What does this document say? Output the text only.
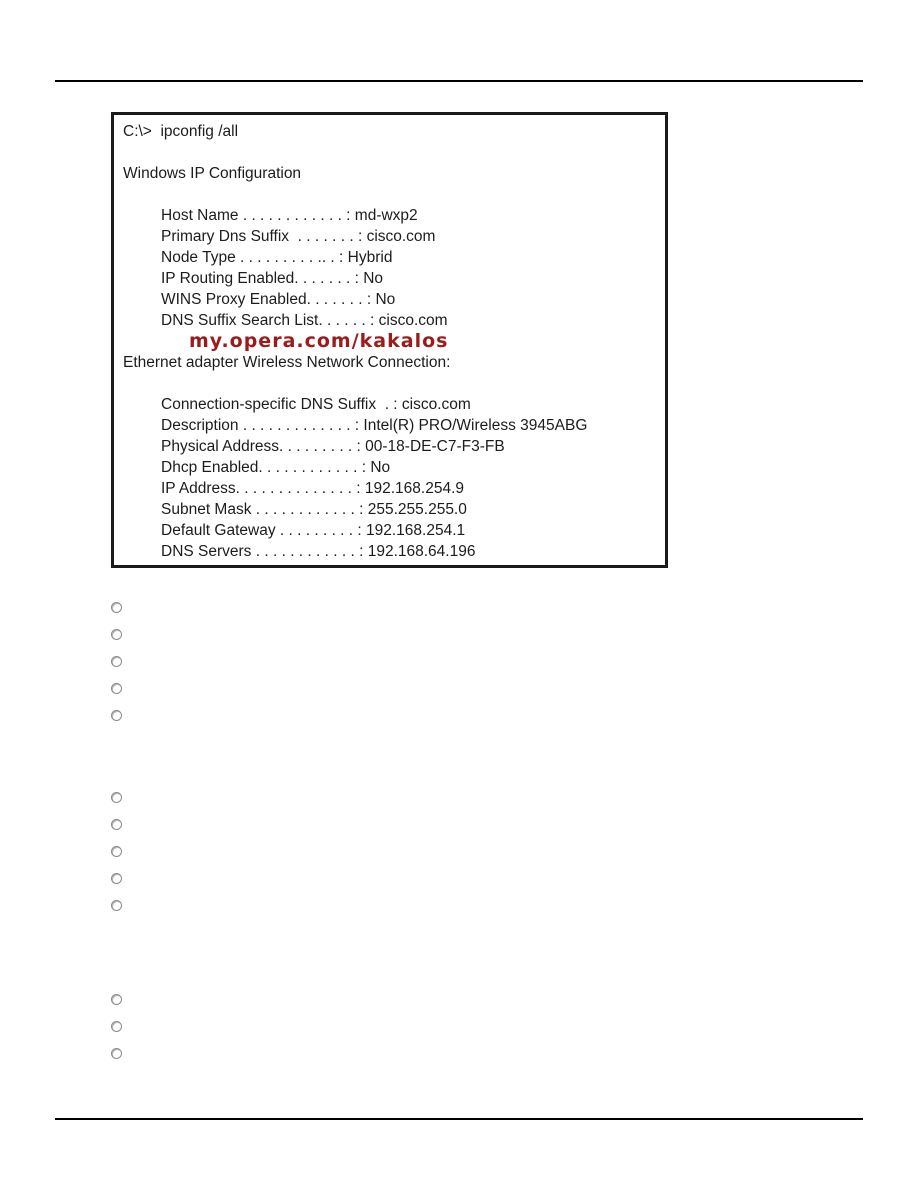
C:\>  ipconfig /all
Windows IP Configuration
Host Name . . . . . . . . . . . . : md-wxp2
Primary Dns Suffix  . . . . . . . : cisco.com
Node Type . . . . . . . . . .. . : Hybrid
IP Routing Enabled. . . . . . . : No
WINS Proxy Enabled. . . . . . . : No
DNS Suffix Search List. . . . . . : cisco.com
my.opera.com/kakalos
Ethernet adapter Wireless Network Connection:
Connection-specific DNS Suffix  . : cisco.com
Description . . . . . . . . . . . . . : Intel(R) PRO/Wireless 3945ABG
Physical Address. . . . . . . . . : 00-18-DE-C7-F3-FB
Dhcp Enabled. . . . . . . . . . . . : No
IP Address. . . . . . . . . . . . . . : 192.168.254.9
Subnet Mask . . . . . . . . . . . . : 255.255.255.0
Default Gateway . . . . . . . . . : 192.168.254.1
DNS Servers . . . . . . . . . . . . : 192.168.64.196
